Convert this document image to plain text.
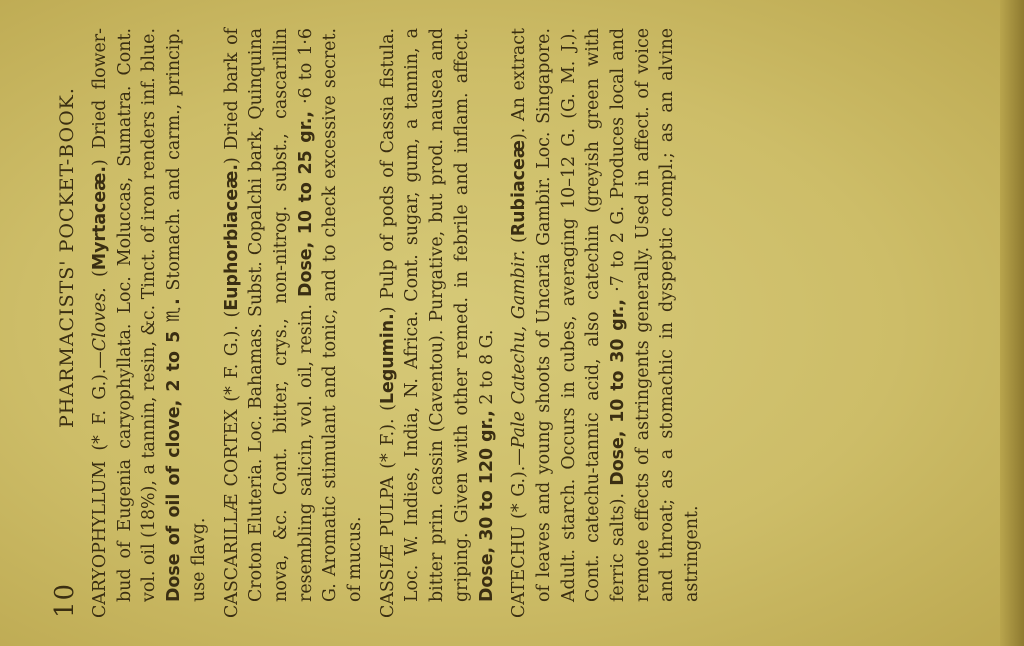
10
PHARMACISTS' POCKET-BOOK.

CARYOPHYLLUM (* F. G.).—Cloves. (Myrtaceæ.) Dried flower-bud of Eugenia caryophyllata. Loc. Moluccas, Sumatra. Cont. vol. oil (18%), a tannin, resin, &c. Tinct. of iron renders inf. blue. Dose of oil of clove, 2 to 5 ♏. Stomach. and carm., princip. use flavg. CASCARILLÆ CORTEX (* F. G.). (Euphorbiaceæ.) Dried bark of Croton Eluteria. Loc. Bahamas. Subst. Copalchi bark, Quinquina nova, &c. Cont. bitter, crys., non-nitrog. subst., cascarillin resembling salicin, vol. oil, resin. Dose, 10 to 25 gr., ·6 to 1·6 G. Aromatic stimulant and tonic, and to check excessive secret. of mucus. CASSIÆ PULPA (* F.). (Legumin.) Pulp of pods of Cassia fistula. Loc. W. Indies, India, N. Africa. Cont. sugar, gum, a tannin, a bitter prin. cassin (Caventou). Purgative, but prod. nausea and griping. Given with other remed. in febrile and inflam. affect. Dose, 30 to 120 gr., 2 to 8 G.

CATECHU (* G.).—Pale Catechu, Gambir. (Rubiaceæ). An extract of leaves and young shoots of Uncaria Gambir. Loc. Singapore. Adult. starch. Occurs in cubes, averaging 10–12 G. (G. M. J.). Cont. catechu-tannic acid, also catechin (greyish green with ferric salts). Dose, 10 to 30 gr., ·7 to 2 G. Produces local and remote effects of astringents generally. Used in affect. of voice and throat; as a stomachic in dyspeptic compl.; as an alvine astringent.
